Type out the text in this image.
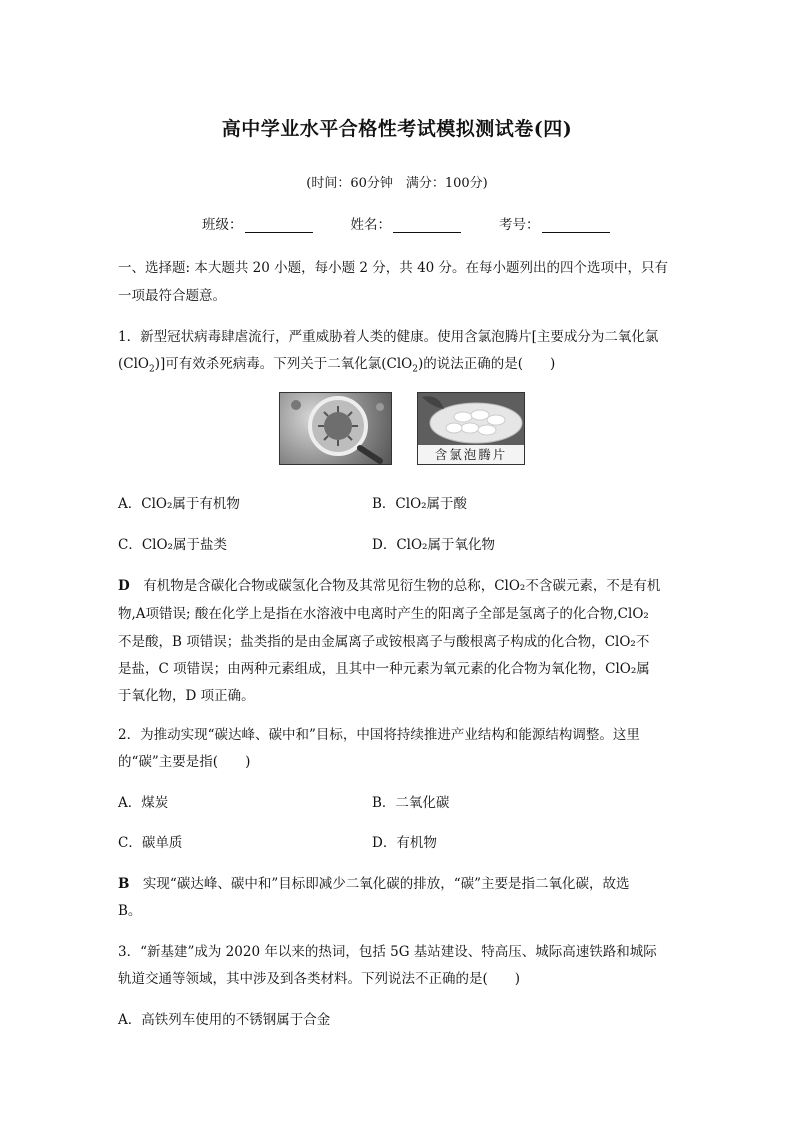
高中学业水平合格性考试模拟测试卷(四)
(时间：60分钟　满分：100分)
班级：	姓名：	考号：
一、选择题: 本大题共 20 小题，每小题 2 分，共 40 分。在每小题列出的四个选项中，只有
一项最符合题意。
1．新型冠状病毒肆虐流行，严重威胁着人类的健康。使用含氯泡腾片[主要成分为二氧化氯
(ClO$_2$)]可有效杀死病毒。下列关于二氧化氯(ClO$_2$)的说法正确的是(　　)
含氯泡腾片
A．ClO₂属于有机物	B．ClO₂属于酸
C．ClO₂属于盐类	D．ClO₂属于氧化物
D　 有机物是含碳化合物或碳氢化合物及其常见衍生物的总称，ClO₂不含碳元素，不是有机
物,A项错误; 酸在化学上是指在水溶液中电离时产生的阳离子全部是氢离子的化合物,ClO₂
不是酸，B 项错误；盐类指的是由金属离子或铵根离子与酸根离子构成的化合物，ClO₂不
是盐，C 项错误；由两种元素组成，且其中一种元素为氧元素的化合物为氧化物，ClO₂属
于氧化物，D 项正确。
2．为推动实现“碳达峰、碳中和”目标，中国将持续推进产业结构和能源结构调整。这里
的“碳”主要是指(　　)
A．煤炭	B．二氧化碳
C．碳单质	D．有机物
B　 实现“碳达峰、碳中和”目标即减少二氧化碳的排放，“碳”主要是指二氧化碳，故选
B。
3．“新基建”成为 2020 年以来的热词，包括 5G 基站建设、特高压、城际高速铁路和城际
轨道交通等领域，其中涉及到各类材料。下列说法不正确的是(　　)
A．高铁列车使用的不锈钢属于合金
